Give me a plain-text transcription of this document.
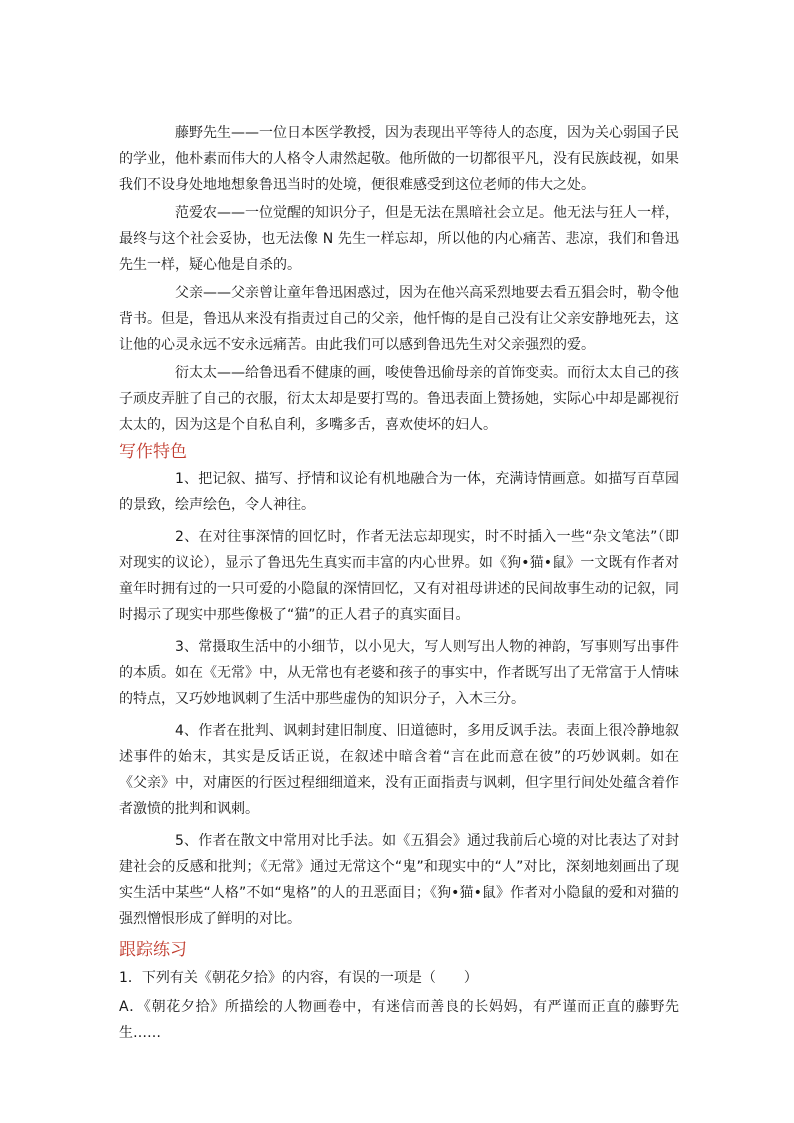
藤野先生——一位日本医学教授，因为表现出平等待人的态度，因为关心弱国子民的学业，他朴素而伟大的人格令人肃然起敬。他所做的一切都很平凡，没有民族歧视，如果我们不设身处地地想象鲁迅当时的处境，便很难感受到这位老师的伟大之处。

范爱农——一位觉醒的知识分子，但是无法在黑暗社会立足。他无法与狂人一样，最终与这个社会妥协，也无法像 N 先生一样忘却，所以他的内心痛苦、悲凉，我们和鲁迅先生一样，疑心他是自杀的。

父亲——父亲曾让童年鲁迅困惑过，因为在他兴高采烈地要去看五猖会时，勒令他背书。但是，鲁迅从来没有指责过自己的父亲，他忏悔的是自己没有让父亲安静地死去，这让他的心灵永远不安永远痛苦。由此我们可以感到鲁迅先生对父亲强烈的爱。

衍太太——给鲁迅看不健康的画，唆使鲁迅偷母亲的首饰变卖。而衍太太自己的孩子顽皮弄脏了自己的衣服，衍太太却是要打骂的。鲁迅表面上赞扬她，实际心中却是鄙视衍太太的，因为这是个自私自利，多嘴多舌，喜欢使坏的妇人。

写作特色

1、把记叙、描写、抒情和议论有机地融合为一体，充满诗情画意。如描写百草园的景致，绘声绘色，令人神往。

2、在对往事深情的回忆时，作者无法忘却现实，时不时插入一些“杂文笔法”（即对现实的议论），显示了鲁迅先生真实而丰富的内心世界。如《狗•猫•鼠》一文既有作者对童年时拥有过的一只可爱的小隐鼠的深情回忆，又有对祖母讲述的民间故事生动的记叙，同时揭示了现实中那些像极了“猫”的正人君子的真实面目。

3、常摄取生活中的小细节，以小见大，写人则写出人物的神韵，写事则写出事件的本质。如在《无常》中，从无常也有老婆和孩子的事实中，作者既写出了无常富于人情味的特点，又巧妙地讽刺了生活中那些虚伪的知识分子，入木三分。

4、作者在批判、讽刺封建旧制度、旧道德时，多用反讽手法。表面上很冷静地叙述事件的始末，其实是反话正说，在叙述中暗含着“言在此而意在彼”的巧妙讽刺。如在《父亲》中，对庸医的行医过程细细道来，没有正面指责与讽刺，但字里行间处处蕴含着作者激愤的批判和讽刺。

5、作者在散文中常用对比手法。如《五猖会》通过我前后心境的对比表达了对封建社会的反感和批判；《无常》通过无常这个“鬼”和现实中的“人”对比，深刻地刻画出了现实生活中某些“人格”不如“鬼格”的人的丑恶面目；《狗•猫•鼠》作者对小隐鼠的爱和对猫的强烈憎恨形成了鲜明的对比。

跟踪练习

1．下列有关《朝花夕拾》的内容，有误的一项是（　　）

A．《朝花夕拾》所描绘的人物画卷中，有迷信而善良的长妈妈，有严谨而正直的藤野先生……
